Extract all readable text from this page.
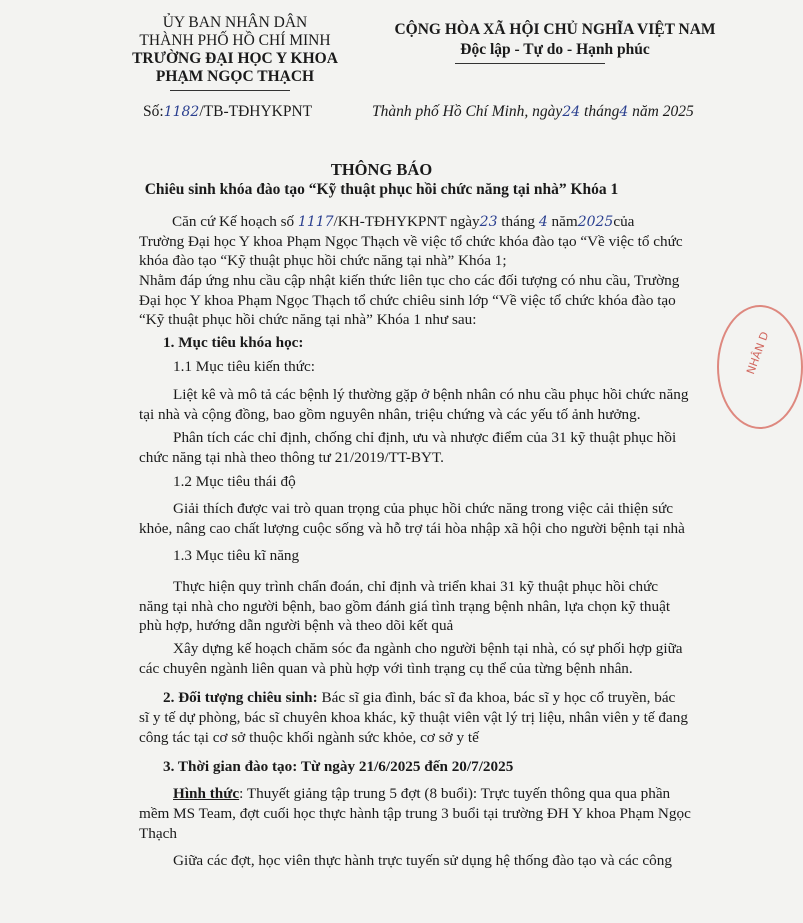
ỦY BAN NHÂN DÂN
THÀNH PHỐ HỒ CHÍ MINH
TRƯỜNG ĐẠI HỌC Y KHOA
PHẠM NGỌC THẠCH
CỘNG HÒA XÃ HỘI CHỦ NGHĨA VIỆT NAM
Độc lập - Tự do - Hạnh phúc
Số:1182/TB-TĐHYKPNT	Thành phố Hồ Chí Minh, ngày24 tháng4 năm 2025
THÔNG BÁO
Chiêu sinh khóa đào tạo “Kỹ thuật phục hồi chức năng tại nhà” Khóa 1
Căn cứ Kế hoạch số 1117/KH-TĐHYKPNT ngày23 tháng 4 năm2025của
Trường Đại học Y khoa Phạm Ngọc Thạch về việc tổ chức khóa đào tạo “Về việc tổ chức
khóa đào tạo “Kỹ thuật phục hồi chức năng tại nhà” Khóa 1;
Nhằm đáp ứng nhu cầu cập nhật kiến thức liên tục cho các đối tượng có nhu cầu, Trường
Đại học Y khoa Phạm Ngọc Thạch tổ chức chiêu sinh lớp “Về việc tổ chức khóa đào tạo
“Kỹ thuật phục hồi chức năng tại nhà” Khóa 1 như sau:
1. Mục tiêu khóa học:
1.1 Mục tiêu kiến thức:
Liệt kê và mô tả các bệnh lý thường gặp ở bệnh nhân có nhu cầu phục hồi chức năng
tại nhà và cộng đồng, bao gồm nguyên nhân, triệu chứng và các yếu tố ảnh hưởng.
Phân tích các chỉ định, chống chỉ định, ưu và nhược điểm của 31 kỹ thuật phục hồi
chức năng tại nhà theo thông tư 21/2019/TT-BYT.
1.2 Mục tiêu thái độ
Giải thích được vai trò quan trọng của phục hồi chức năng trong việc cải thiện sức
khỏe, nâng cao chất lượng cuộc sống và hỗ trợ tái hòa nhập xã hội cho người bệnh tại nhà
1.3 Mục tiêu kĩ năng
Thực hiện quy trình chẩn đoán, chỉ định và triển khai 31 kỹ thuật phục hồi chức
năng tại nhà cho người bệnh, bao gồm đánh giá tình trạng bệnh nhân, lựa chọn kỹ thuật
phù hợp, hướng dẫn người bệnh và theo dõi kết quả
Xây dựng kế hoạch chăm sóc đa ngành cho người bệnh tại nhà, có sự phối hợp giữa
các chuyên ngành liên quan và phù hợp với tình trạng cụ thể của từng bệnh nhân.
2. Đối tượng chiêu sinh: Bác sĩ gia đình, bác sĩ đa khoa, bác sĩ y học cổ truyền, bác
sĩ y tế dự phòng, bác sĩ chuyên khoa khác, kỹ thuật viên vật lý trị liệu, nhân viên y tế đang
công tác tại cơ sở thuộc khối ngành sức khỏe, cơ sở y tế
3. Thời gian đào tạo: Từ ngày 21/6/2025 đến 20/7/2025
Hình thức: Thuyết giảng tập trung 5 đợt (8 buổi): Trực tuyến thông qua qua phần
mềm MS Team, đợt cuối học thực hành tập trung 3 buổi tại trường ĐH Y khoa Phạm Ngọc
Thạch
Giữa các đợt, học viên thực hành trực tuyến sử dụng hệ thống đào tạo và các công
NHÂN D
